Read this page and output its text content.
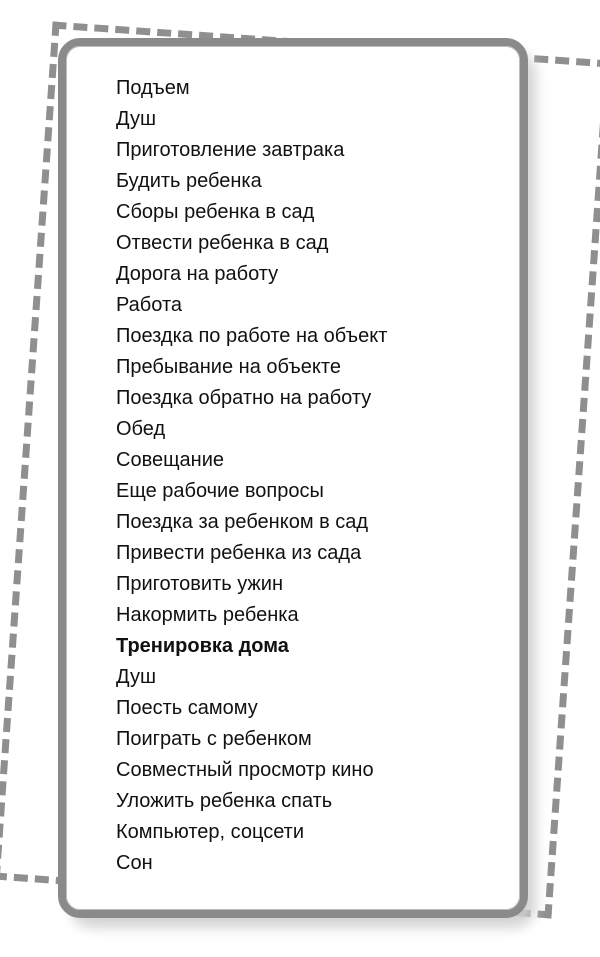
Подъем
Душ
Приготовление завтрака
Будить ребенка
Сборы ребенка в сад
Отвести ребенка в сад
Дорога на работу
Работа
Поездка по работе на объект
Пребывание на объекте
Поездка обратно на работу
Обед
Совещание
Еще рабочие вопросы
Поездка за ребенком в сад
Привести ребенка из сада
Приготовить ужин
Накормить ребенка
Тренировка дома
Душ
Поесть самому
Поиграть с ребенком
Совместный просмотр кино
Уложить ребенка спать
Компьютер, соцсети
Сон
